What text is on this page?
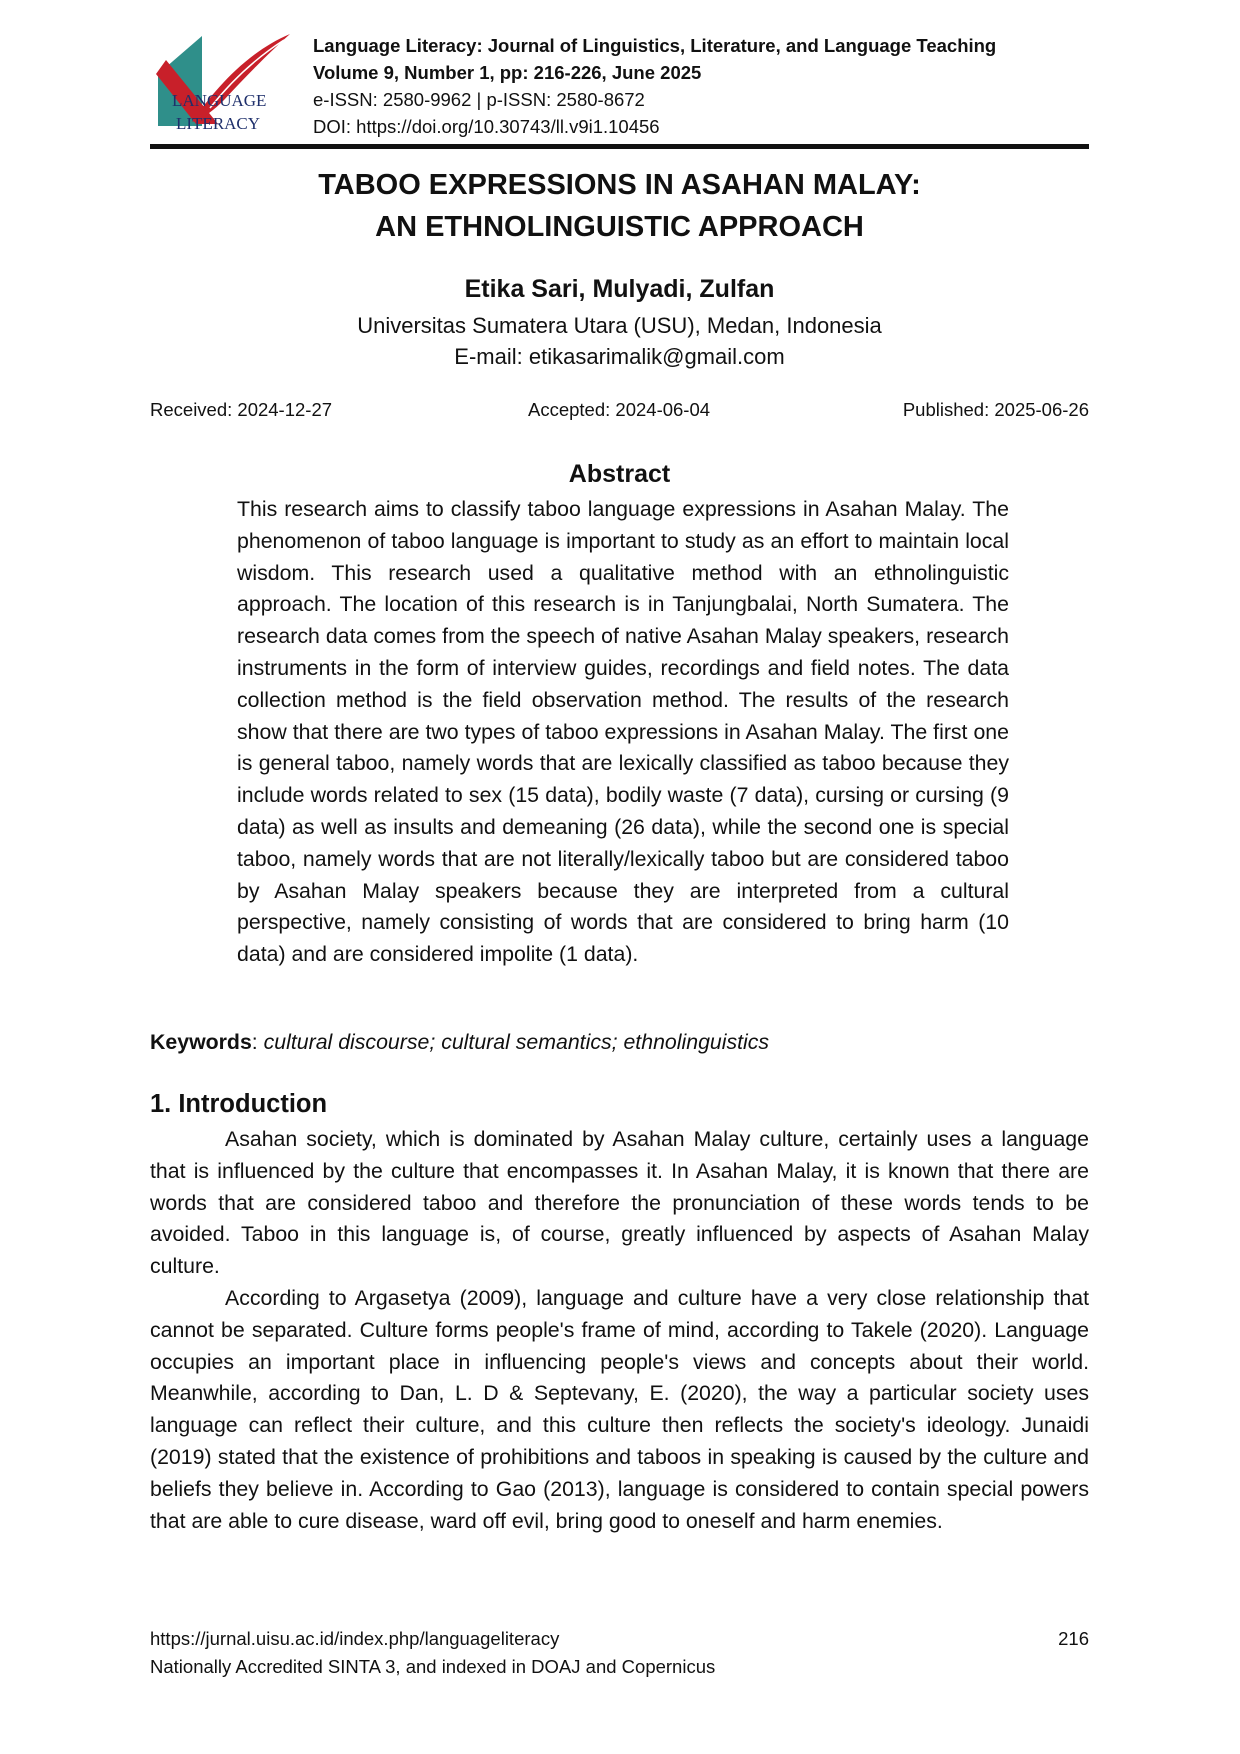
LANGUAGE
LITERACY
Language Literacy: Journal of Linguistics, Literature, and Language Teaching
Volume 9, Number 1, pp: 216-226, June 2025
e-ISSN: 2580-9962 | p-ISSN: 2580-8672
DOI: https://doi.org/10.30743/ll.v9i1.10456
TABOO EXPRESSIONS IN ASAHAN MALAY:
AN ETHNOLINGUISTIC APPROACH
Etika Sari, Mulyadi, Zulfan
Universitas Sumatera Utara (USU), Medan, Indonesia
E-mail: etikasarimalik@gmail.com
Received: 2024-12-27	Accepted: 2024-06-04	Published: 2025-06-26
Abstract

This research aims to classify taboo language expressions in Asahan Malay. The phenomenon of taboo language is important to study as an effort to maintain local wisdom. This research used a qualitative method with an ethnolinguistic approach. The location of this research is in Tanjungbalai, North Sumatera. The research data comes from the speech of native Asahan Malay speakers, research instruments in the form of interview guides, recordings and field notes. The data collection method is the field observation method. The results of the research show that there are two types of taboo expressions in Asahan Malay. The first one is general taboo, namely words that are lexically classified as taboo because they include words related to sex (15 data), bodily waste (7 data), cursing or cursing (9 data) as well as insults and demeaning (26 data), while the second one is special taboo, namely words that are not literally/lexically taboo but are considered taboo by Asahan Malay speakers because they are interpreted from a cultural perspective, namely consisting of words that are considered to bring harm (10 data) and are considered impolite (1 data).

Keywords: cultural discourse; cultural semantics; ethnolinguistics
1. Introduction

Asahan society, which is dominated by Asahan Malay culture, certainly uses a language that is influenced by the culture that encompasses it. In Asahan Malay, it is known that there are words that are considered taboo and therefore the pronunciation of these words tends to be avoided. Taboo in this language is, of course, greatly influenced by aspects of Asahan Malay culture.

According to Argasetya (2009), language and culture have a very close relationship that cannot be separated. Culture forms people's frame of mind, according to Takele (2020). Language occupies an important place in influencing people's views and concepts about their world. Meanwhile, according to Dan, L. D & Septevany, E. (2020), the way a particular society uses language can reflect their culture, and this culture then reflects the society's ideology. Junaidi (2019) stated that the existence of prohibitions and taboos in speaking is caused by the culture and beliefs they believe in. According to Gao (2013), language is considered to contain special powers that are able to cure disease, ward off evil, bring good to oneself and harm enemies.

https://jurnal.uisu.ac.id/index.php/languageliteracy
Nationally Accredited SINTA 3, and indexed in DOAJ and Copernicus
216
